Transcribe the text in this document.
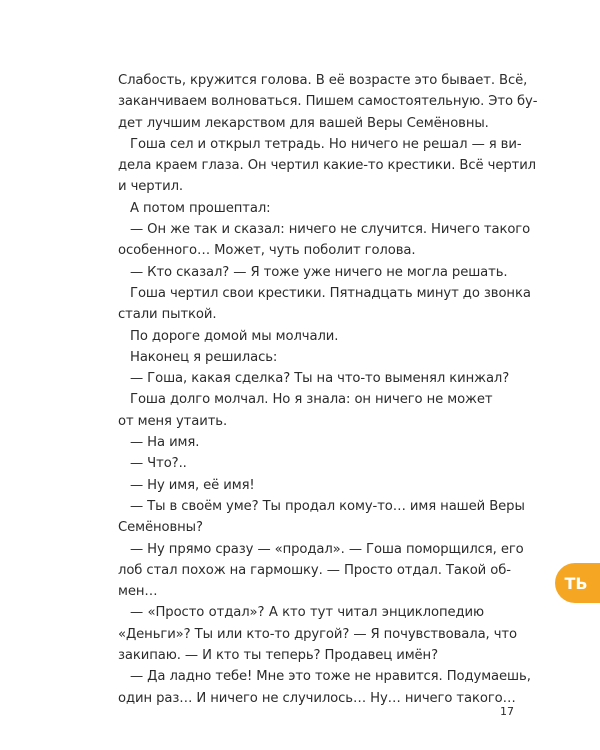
Слабость, кружится голова. В её возрасте это бывает. Всё,
заканчиваем волноваться. Пишем самостоятельную. Это бу-
дет лучшим лекарством для вашей Веры Семёновны.
Гоша сел и открыл тетрадь. Но ничего не решал — я ви-
дела краем глаза. Он чертил какие-то крестики. Всё чертил
и чертил.
А потом прошептал:
— Он же так и сказал: ничего не случится. Ничего такого
особенного… Может, чуть поболит голова.
— Кто сказал? — Я тоже уже ничего не могла решать.
Гоша чертил свои крестики. Пятнадцать минут до звонка
стали пыткой.
По дороге домой мы молчали.
Наконец я решилась:
— Гоша, какая сделка? Ты на что-то выменял кинжал?
Гоша долго молчал. Но я знала: он ничего не может
от меня утаить.
— На имя.
— Что?..
— Ну имя, её имя!
— Ты в своём уме? Ты продал кому-то… имя нашей Веры
Семёновны?
— Ну прямо сразу — «продал». — Гоша поморщился, его
лоб стал похож на гармошку. — Просто отдал. Такой об-
мен…
— «Просто отдал»? А кто тут читал энциклопедию
«Деньги»? Ты или кто-то другой? — Я почувствовала, что
закипаю. — И кто ты теперь? Продавец имён?
— Да ладно тебе! Мне это тоже не нравится. Подумаешь,
один раз… И ничего не случилось… Ну… ничего такого…
ТЬ
17
